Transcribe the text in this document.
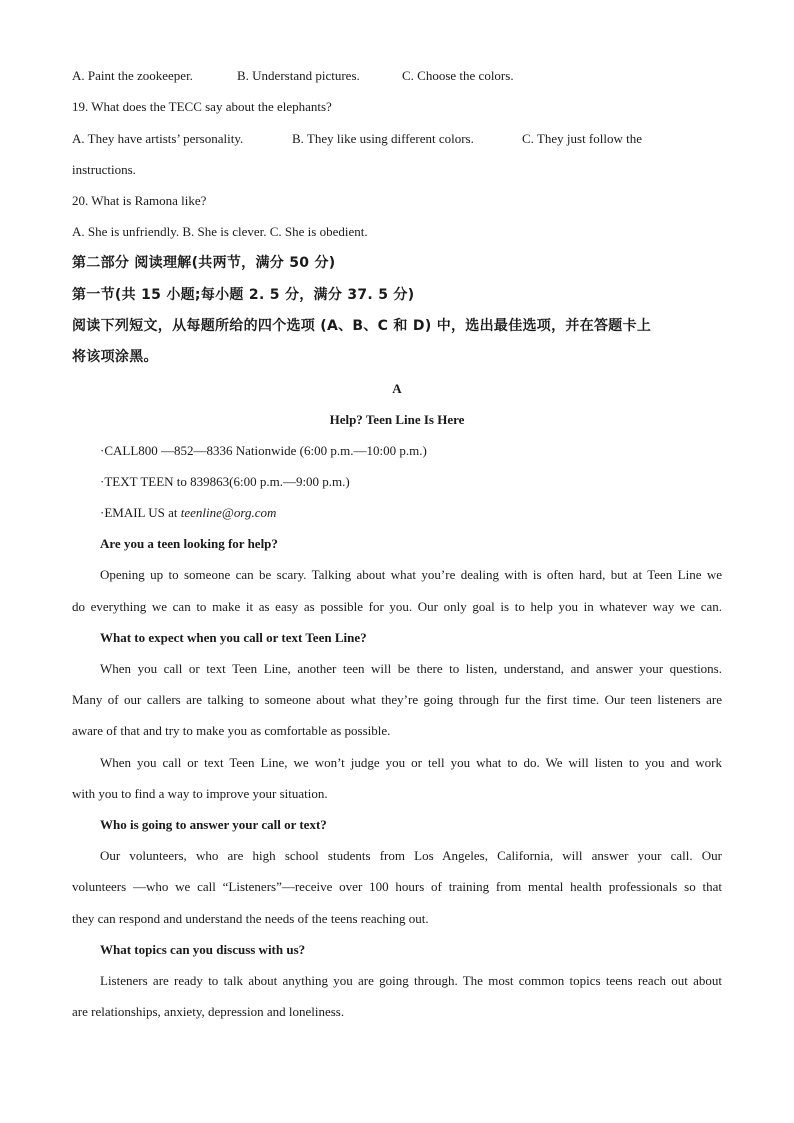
A. Paint the zookeeper.	B. Understand pictures.	C. Choose the colors.
19. What does the TECC say about the elephants?
A. They have artists’ personality.	B. They like using different colors.	C. They just follow the
instructions.
20. What is Ramona like?
A. She is unfriendly. B. She is clever. C. She is obedient.
第二部分 阅读理解(共两节，满分 50 分)
第一节(共 15 小题;每小题 2. 5 分，满分 37. 5 分)
阅读下列短文，从每题所给的四个选项 (A、B、C 和 D) 中，选出最佳选项，并在答题卡上
将该项涂黑。
A
Help? Teen Line Is Here
·CALL800 —852—8336 Nationwide (6:00 p.m.—10:00 p.m.)
·TEXT TEEN to 839863(6:00 p.m.—9:00 p.m.)
·EMAIL US at teenline@org.com
Are you a teen looking for help?
Opening up to someone can be scary. Talking about what you’re dealing with is often hard, but at Teen Line we
do everything we can to make it as easy as possible for you. Our only goal is to help you in whatever way we can.
What to expect when you call or text Teen Line?
When you call or text Teen Line, another teen will be there to listen, understand, and answer your questions.
Many of our callers are talking to someone about what they’re going through fur the first time. Our teen listeners are
aware of that and try to make you as comfortable as possible.
When you call or text Teen Line, we won’t judge you or tell you what to do. We will listen to you and work
with you to find a way to improve your situation.
Who is going to answer your call or text?
Our volunteers, who are high school students from Los Angeles, California, will answer your call. Our
volunteers —who we call “Listeners”—receive over 100 hours of training from mental health professionals so that
they can respond and understand the needs of the teens reaching out.
What topics can you discuss with us?
Listeners are ready to talk about anything you are going through. The most common topics teens reach out about
are relationships, anxiety, depression and loneliness.
